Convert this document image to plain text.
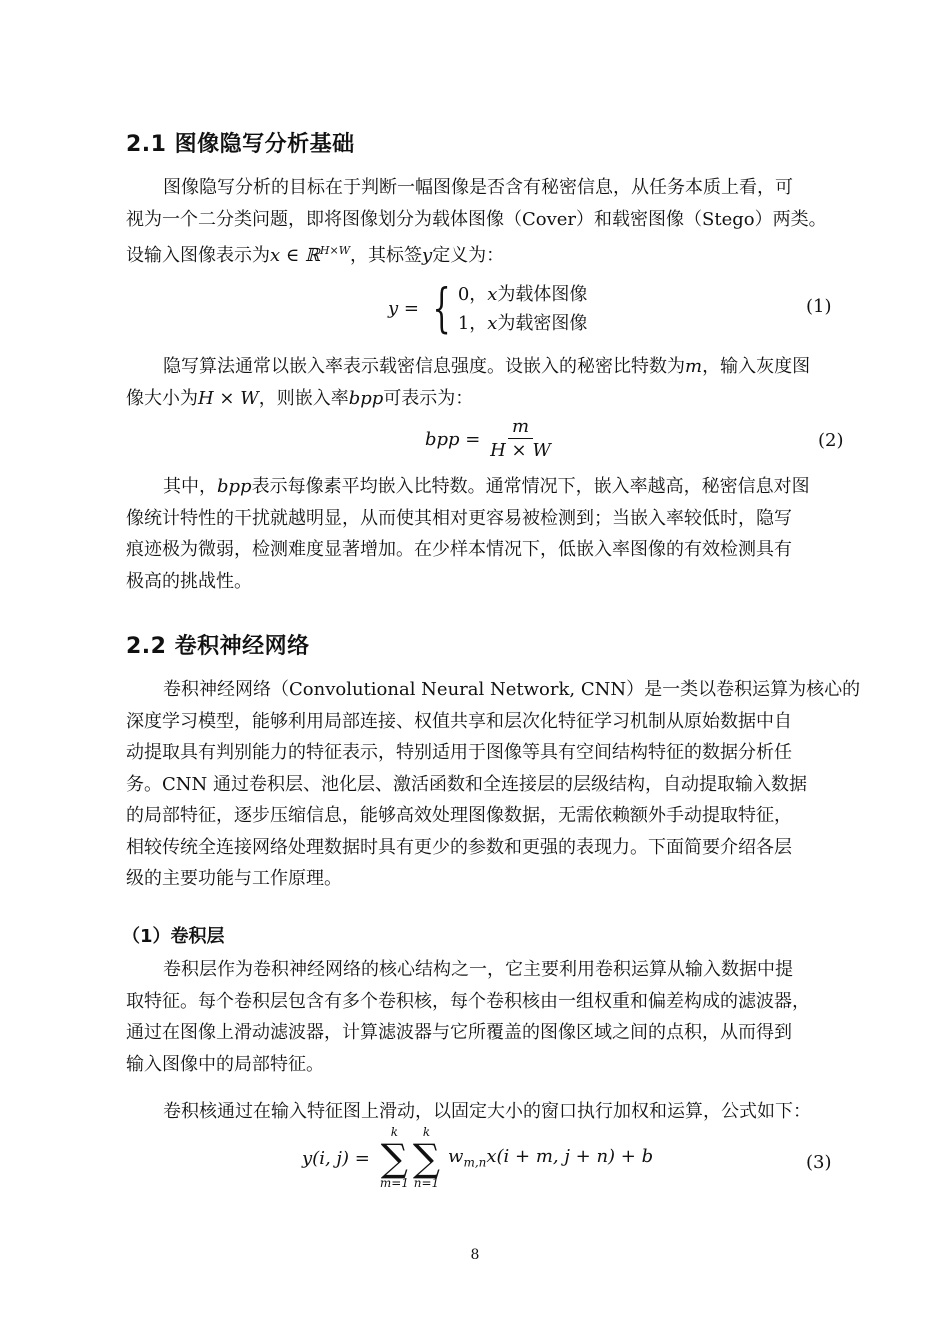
2.1 图像隐写分析基础
图像隐写分析的目标在于判断一幅图像是否含有秘密信息，从任务本质上看，可
视为一个二分类问题，即将图像划分为载体图像（Cover）和载密图像（Stego）两类。
设输入图像表示为x ∈ ℝ$^{H\times W}$，其标签y定义为：
y = { 0，x为载体图像
1，x为载密图像
(1)
隐写算法通常以嵌入率表示载密信息强度。设嵌入的秘密比特数为m，输入灰度图
像大小为H × W，则嵌入率bpp可表示为：
bpp = $\frac{m}{H \times W}$	(2)
其中，bpp表示每像素平均嵌入比特数。通常情况下，嵌入率越高，秘密信息对图
像统计特性的干扰就越明显，从而使其相对更容易被检测到；当嵌入率较低时，隐写
痕迹极为微弱，检测难度显著增加。在少样本情况下，低嵌入率图像的有效检测具有
极高的挑战性。
2.2 卷积神经网络
卷积神经网络（Convolutional Neural Network, CNN）是一类以卷积运算为核心的
深度学习模型，能够利用局部连接、权值共享和层次化特征学习机制从原始数据中自
动提取具有判别能力的特征表示，特别适用于图像等具有空间结构特征的数据分析任
务。CNN 通过卷积层、池化层、激活函数和全连接层的层级结构，自动提取输入数据
的局部特征，逐步压缩信息，能够高效处理图像数据，无需依赖额外手动提取特征，
相较传统全连接网络处理数据时具有更少的参数和更强的表现力。下面简要介绍各层
级的主要功能与工作原理。
（1）卷积层
卷积层作为卷积神经网络的核心结构之一，它主要利用卷积运算从输入数据中提
取特征。每个卷积层包含有多个卷积核，每个卷积核由一组权重和偏差构成的滤波器，
通过在图像上滑动滤波器，计算滤波器与它所覆盖的图像区域之间的点积，从而得到
输入图像中的局部特征。
卷积核通过在输入特征图上滑动，以固定大小的窗口执行加权和运算，公式如下：
y(i, j) =
k
∑
m=1
k
∑
n=1
$w_{m,n}x(i + m$, j + n) + b	(3)
8
